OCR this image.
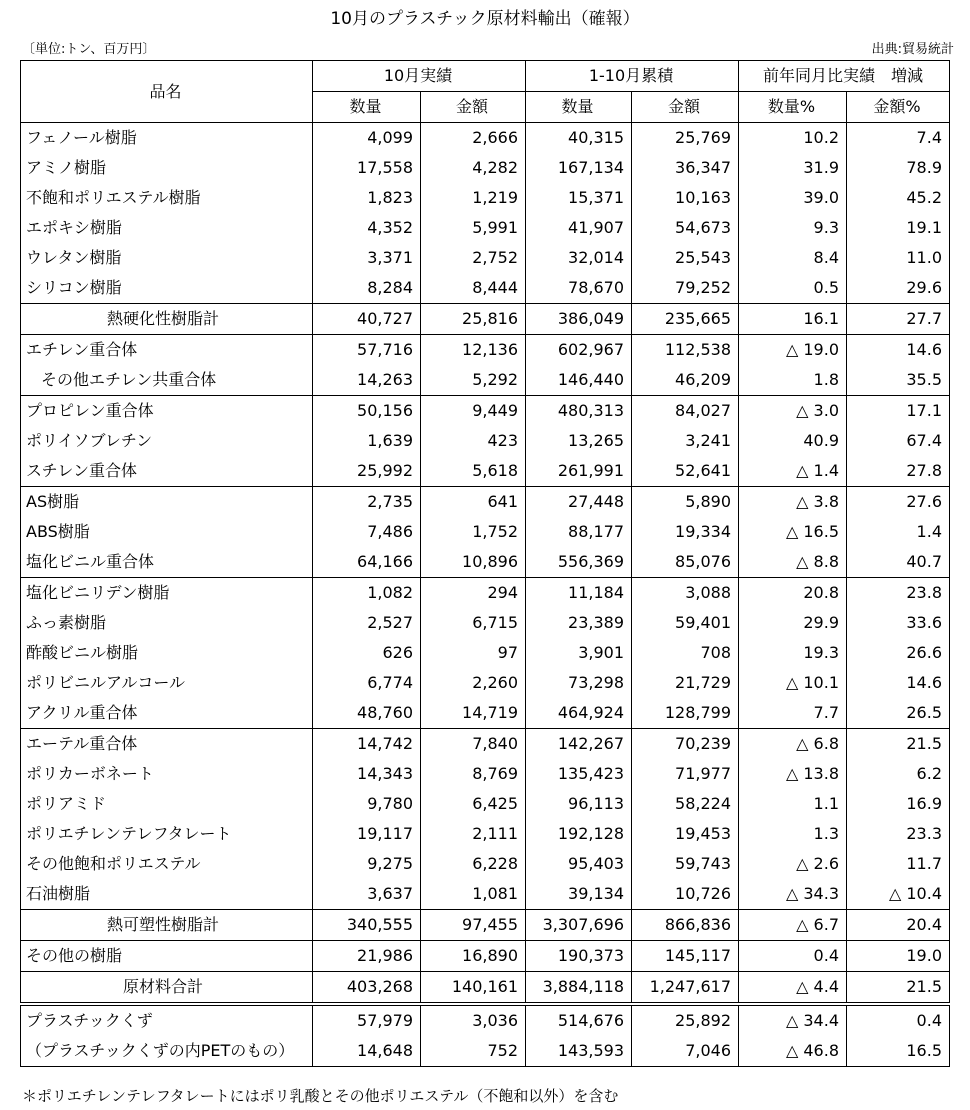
10月のプラスチック原材料輸出（確報）
〔単位:トン、百万円〕	出典:貿易統計
品名	10月実績		1-10月累積		前年同月比実績　増減	
	数量	金額	数量	金額	数量%	金額%
フェノール樹脂	4,099	2,666	40,315	25,769	10.2	7.4
アミノ樹脂	17,558	4,282	167,134	36,347	31.9	78.9
不飽和ポリエステル樹脂	1,823	1,219	15,371	10,163	39.0	45.2
エポキシ樹脂	4,352	5,991	41,907	54,673	9.3	19.1
ウレタン樹脂	3,371	2,752	32,014	25,543	8.4	11.0
シリコン樹脂	8,284	8,444	78,670	79,252	0.5	29.6
熱硬化性樹脂計	40,727	25,816	386,049	235,665	16.1	27.7
エチレン重合体	57,716	12,136	602,967	112,538	△ 19.0	14.6
その他エチレン共重合体	14,263	5,292	146,440	46,209	1.8	35.5
プロピレン重合体	50,156	9,449	480,313	84,027	△ 3.0	17.1
ポリイソブレチン	1,639	423	13,265	3,241	40.9	67.4
スチレン重合体	25,992	5,618	261,991	52,641	△ 1.4	27.8
AS樹脂	2,735	641	27,448	5,890	△ 3.8	27.6
ABS樹脂	7,486	1,752	88,177	19,334	△ 16.5	1.4
塩化ビニル重合体	64,166	10,896	556,369	85,076	△ 8.8	40.7
塩化ビニリデン樹脂	1,082	294	11,184	3,088	20.8	23.8
ふっ素樹脂	2,527	6,715	23,389	59,401	29.9	33.6
酢酸ビニル樹脂	626	97	3,901	708	19.3	26.6
ポリビニルアルコール	6,774	2,260	73,298	21,729	△ 10.1	14.6
アクリル重合体	48,760	14,719	464,924	128,799	7.7	26.5
エーテル重合体	14,742	7,840	142,267	70,239	△ 6.8	21.5
ポリカーボネート	14,343	8,769	135,423	71,977	△ 13.8	6.2
ポリアミド	9,780	6,425	96,113	58,224	1.1	16.9
ポリエチレンテレフタレート	19,117	2,111	192,128	19,453	1.3	23.3
その他飽和ポリエステル	9,275	6,228	95,403	59,743	△ 2.6	11.7
石油樹脂	3,637	1,081	39,134	10,726	△ 34.3	△ 10.4
熱可塑性樹脂計	340,555	97,455	3,307,696	866,836	△ 6.7	20.4
その他の樹脂	21,986	16,890	190,373	145,117	0.4	19.0
原材料合計	403,268	140,161	3,884,118	1,247,617	△ 4.4	21.5
プラスチックくず	57,979	3,036	514,676	25,892	△ 34.4	0.4
（プラスチックくずの内PETのもの）	14,648	752	143,593	7,046	△ 46.8	16.5
＊ポリエチレンテレフタレートにはポリ乳酸とその他ポリエステル（不飽和以外）を含む
